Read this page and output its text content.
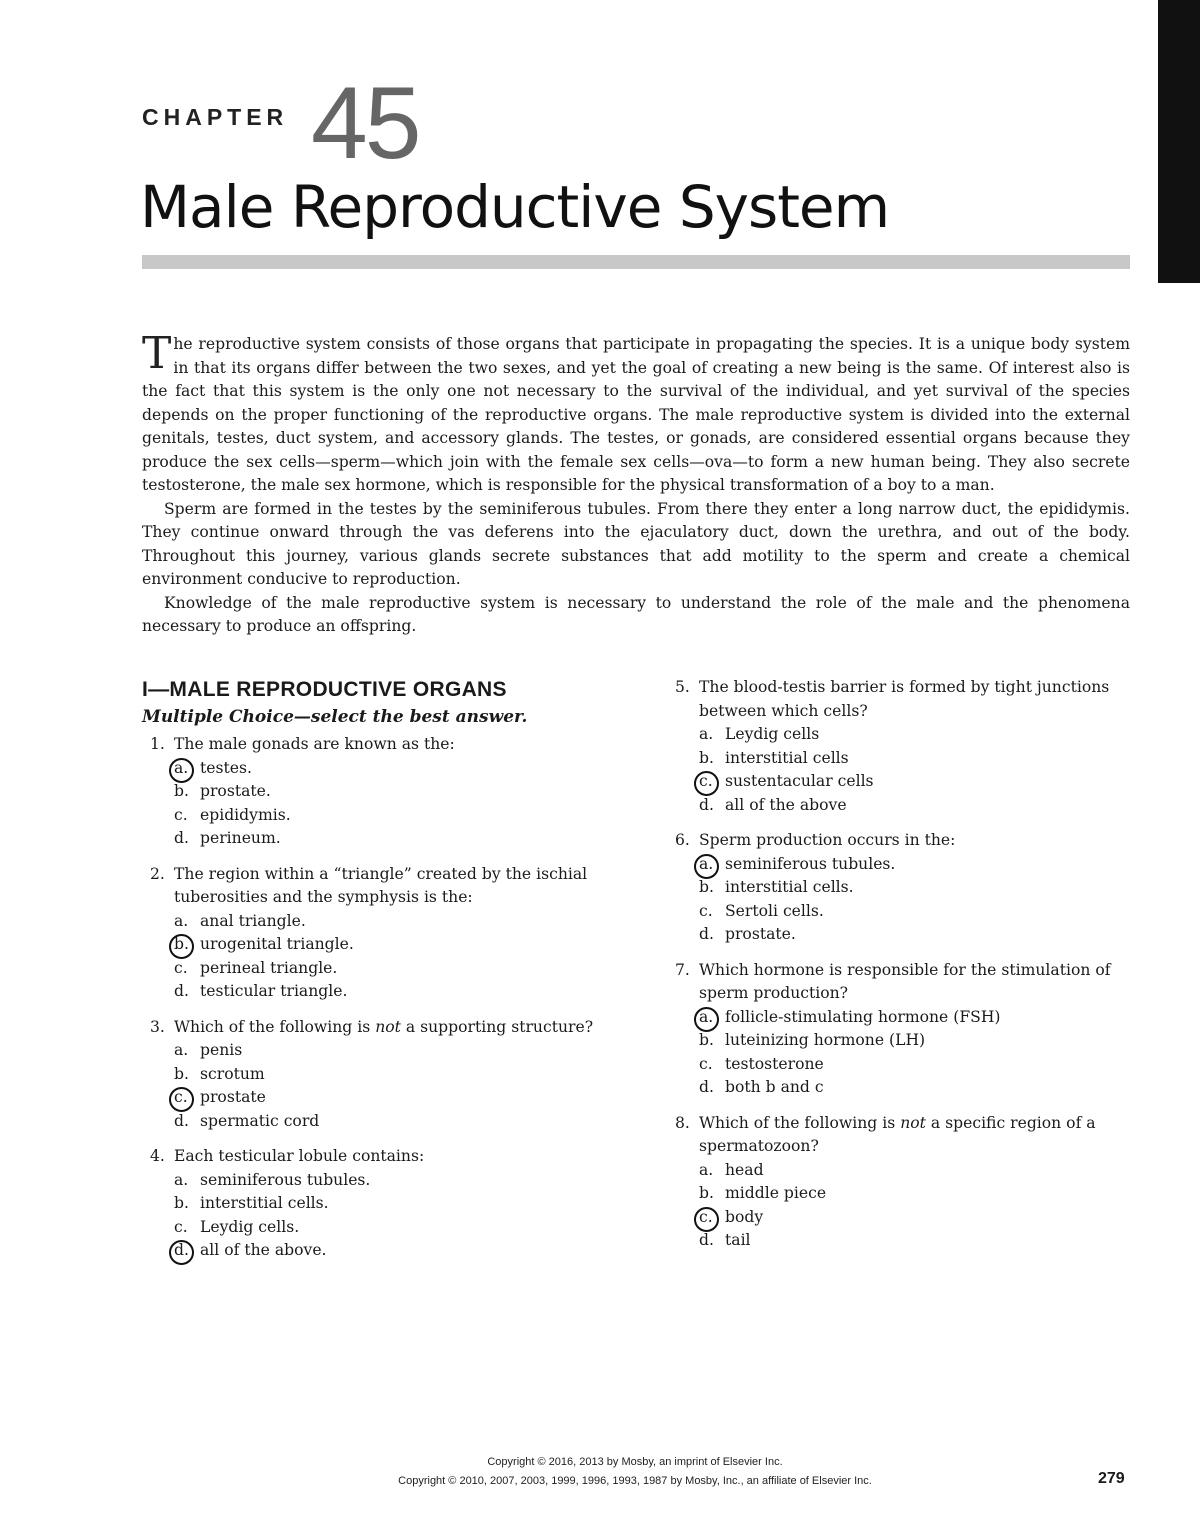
CHAPTER 45
Male Reproductive System

The reproductive system consists of those organs that participate in propagating the species. It is a unique body system in that its organs differ between the two sexes, and yet the goal of creating a new being is the same. Of interest also is the fact that this system is the only one not necessary to the survival of the individual, and yet survival of the species depends on the proper functioning of the reproductive organs. The male reproductive system is divided into the external genitals, testes, duct system, and accessory glands. The testes, or gonads, are considered essential organs because they produce the sex cells—sperm—which join with the female sex cells—ova—to form a new human being. They also secrete testosterone, the male sex hormone, which is responsible for the physical transformation of a boy to a man.

Sperm are formed in the testes by the seminiferous tubules. From there they enter a long narrow duct, the epididymis. They continue onward through the vas deferens into the ejaculatory duct, down the urethra, and out of the body. Throughout this journey, various glands secrete substances that add motility to the sperm and create a chemical environment conducive to reproduction.

Knowledge of the male reproductive system is necessary to understand the role of the male and the phenomena necessary to produce an offspring.

I—MALE REPRODUCTIVE ORGANS
Multiple Choice—select the best answer.
1. The male gonads are known as the:
a. testes.
b. prostate.
c. epididymis.
d. perineum.
2. The region within a “triangle” created by the ischial tuberosities and the symphysis is the:
a. anal triangle.
b. urogenital triangle.
c. perineal triangle.
d. testicular triangle.
3. Which of the following is not a supporting structure?
a. penis
b. scrotum
c. prostate
d. spermatic cord
4. Each testicular lobule contains:
a. seminiferous tubules.
b. interstitial cells.
c. Leydig cells.
d. all of the above.
5. The blood-testis barrier is formed by tight junctions between which cells?
a. Leydig cells
b. interstitial cells
c. sustentacular cells
d. all of the above
6. Sperm production occurs in the:
a. seminiferous tubules.
b. interstitial cells.
c. Sertoli cells.
d. prostate.
7. Which hormone is responsible for the stimulation of sperm production?
a. follicle-stimulating hormone (FSH)
b. luteinizing hormone (LH)
c. testosterone
d. both b and c
8. Which of the following is not a specific region of a spermatozoon?
a. head
b. middle piece
c. body
d. tail
Copyright © 2016, 2013 by Mosby, an imprint of Elsevier Inc.
Copyright © 2010, 2007, 2003, 1999, 1996, 1993, 1987 by Mosby, Inc., an affiliate of Elsevier Inc.	279
